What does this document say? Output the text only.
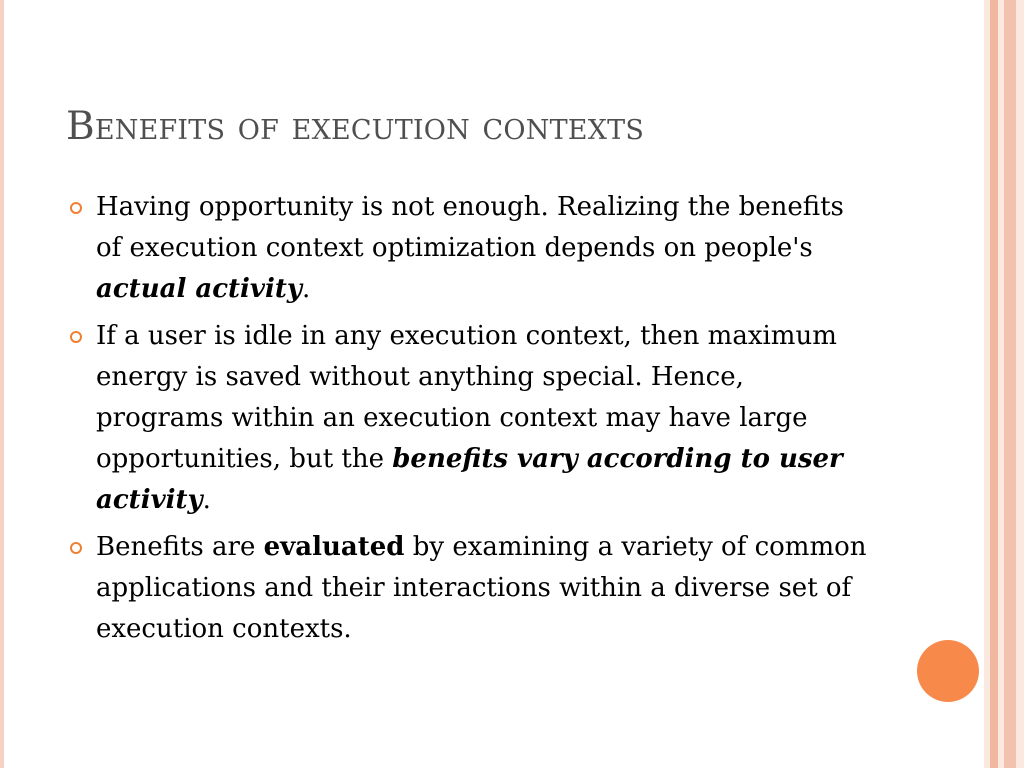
Benefits of execution contexts
Having opportunity is not enough. Realizing the benefits of execution context optimization depends on people's actual activity.
If a user is idle in any execution context, then maximum energy is saved without anything special. Hence, programs within an execution context may have large opportunities, but the benefits vary according to user activity.
Benefits are evaluated by examining a variety of common applications and their interactions within a diverse set of execution contexts.
